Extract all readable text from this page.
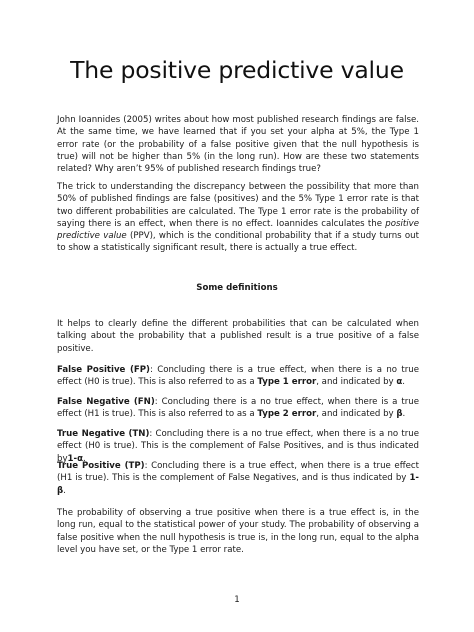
The positive predictive value

John Ioannides (2005) writes about how most published research findings are false. At the same time, we have learned that if you set your alpha at 5%, the Type 1 error rate (or the probability of a false positive given that the null hypothesis is true) will not be higher than 5% (in the long run). How are these two statements related? Why aren’t 95% of published research findings true?

The trick to understanding the discrepancy between the possibility that more than 50% of published findings are false (positives) and the 5% Type 1 error rate is that two different probabilities are calculated. The Type 1 error rate is the probability of saying there is an effect, when there is no effect. Ioannides calculates the positive predictive value (PPV), which is the conditional probability that if a study turns out to show a statistically significant result, there is actually a true effect.

Some definitions

It helps to clearly define the different probabilities that can be calculated when talking about the probability that a published result is a true positive of a false positive.

False Positive (FP): Concluding there is a true effect, when there is a no true effect (H0 is true). This is also referred to as a Type 1 error, and indicated by α.

False Negative (FN): Concluding there is a no true effect, when there is a true effect (H1 is true). This is also referred to as a Type 2 error, and indicated by β.

True Negative (TN): Concluding there is a no true effect, when there is a no true effect (H0 is true). This is the complement of False Positives, and is thus indicated by1-α.

True Positive (TP): Concluding there is a true effect, when there is a true effect (H1 is true). This is the complement of False Negatives, and is thus indicated by 1-β.

The probability of observing a true positive when there is a true effect is, in the long run, equal to the statistical power of your study. The probability of observing a false positive when the null hypothesis is true is, in the long run, equal to the alpha level you have set, or the Type 1 error rate.

1
